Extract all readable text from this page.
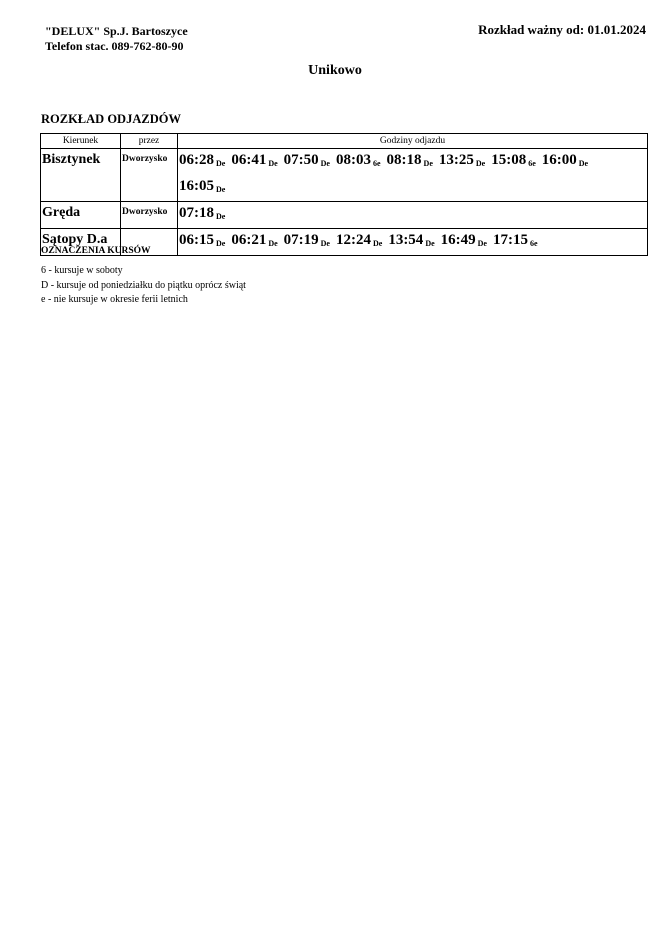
"DELUX" Sp.J. Bartoszyce
Telefon stac. 089-762-80-90
Rozkład ważny od: 01.01.2024
Unikowo
ROZKŁAD ODJAZDÓW
Kierunek	przez	Godziny odjazdu
Bisztynek	Dworzysko	06:28 $_{De}$ 06:41 $_{De}$ 07:50 $_{De}$ 08:03 $_{6e}$ 08:18 $_{De}$ 13:25 $_{De}$ 15:08 $_{6e}$ 16:00 $_{De}$16:05 $_{De}$
Gręda	Dworzysko	07:18 $_{De}$
Sątopy D.a		06:15 $_{De}$ 06:21 $_{De}$ 07:19 $_{De}$ 12:24 $_{De}$ 13:54 $_{De}$ 16:49 $_{De}$ 17:15 $_{6e}$
OZNACZENIA KURSÓW
6 - kursuje w soboty
D - kursuje od poniedziałku do piątku oprócz świąt
e - nie kursuje w okresie ferii letnich
